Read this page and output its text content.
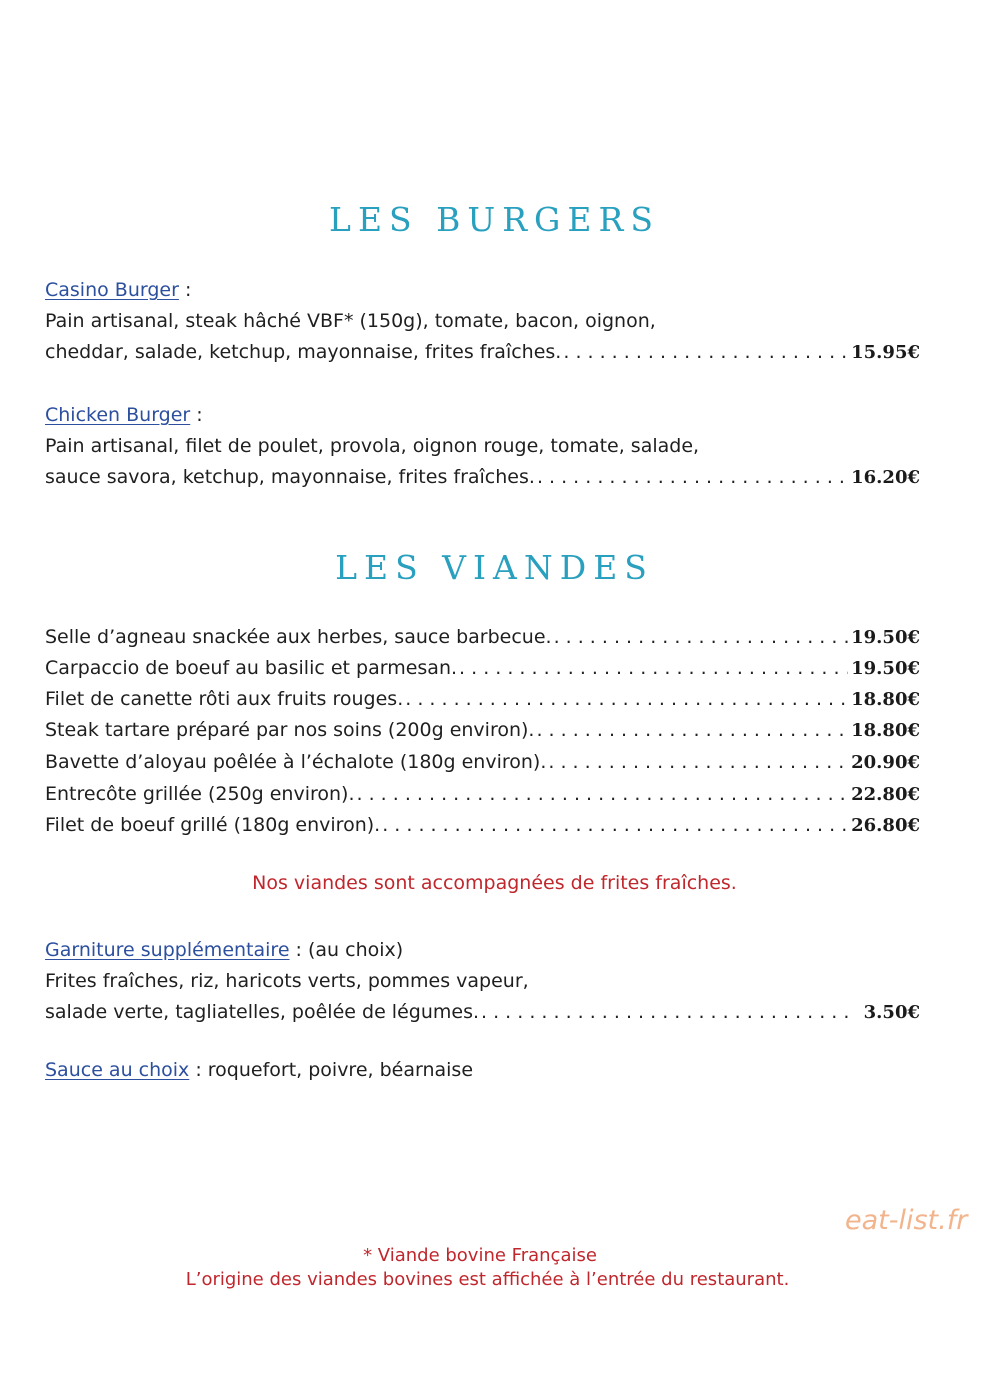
LES BURGERS
Casino Burger :
Pain artisanal, steak hâché VBF* (150g), tomate, bacon, oignon,
cheddar, salade, ketchup, mayonnaise, frites fraîches. . . .	15.95€
Chicken Burger :
Pain artisanal, filet de poulet, provola, oignon rouge, tomate, salade,
sauce savora, ketchup, mayonnaise, frites fraîches. . . .	16.20€
LES VIANDES
Selle d’agneau snackée aux herbes, sauce barbecue. . . .	19.50€
Carpaccio de boeuf au basilic et parmesan. . . .	19.50€
Filet de canette rôti aux fruits rouges. . . .	18.80€
Steak tartare préparé par nos soins (200g environ). . . .	18.80€
Bavette d’aloyau poêlée à l’échalote (180g environ). . . .	20.90€
Entrecôte grillée (250g environ). . . .	22.80€
Filet de boeuf grillé (180g environ). . . .	26.80€
Nos viandes sont accompagnées de frites fraîches.
Garniture supplémentaire : (au choix)
Frites fraîches, riz, haricots verts, pommes vapeur,
salade verte, tagliatelles, poêlée de légumes. . . .	3.50€
Sauce au choix : roquefort, poivre, béarnaise
eat-list.fr
* Viande bovine Française
L’origine des viandes bovines est affichée à l’entrée du restaurant.
